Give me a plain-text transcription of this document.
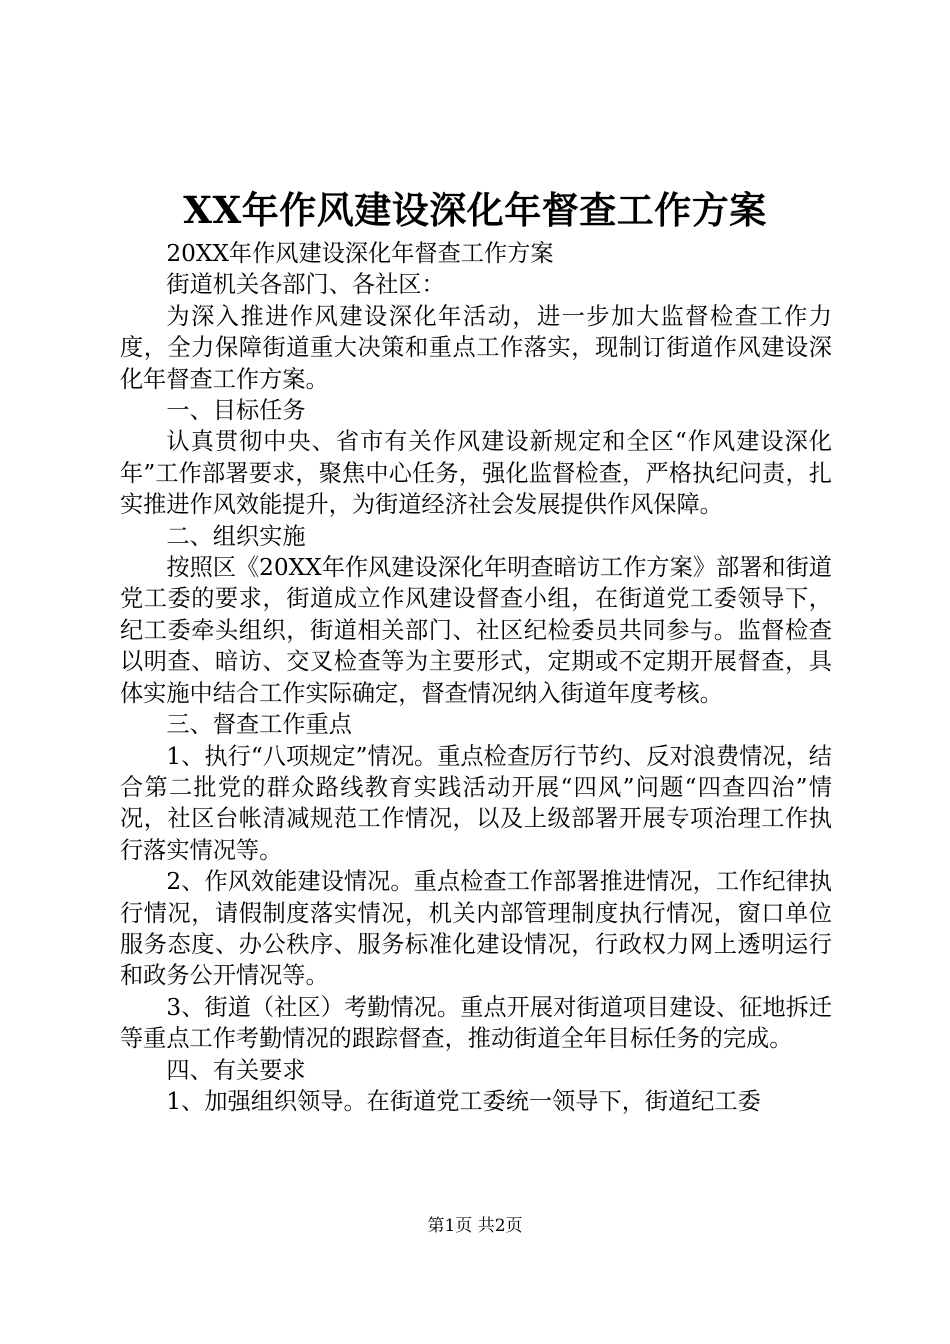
XX年作风建设深化年督查工作方案

20XX年作风建设深化年督查工作方案

街道机关各部门、各社区：

为深入推进作风建设深化年活动，进一步加大监督检查工作力度，全力保障街道重大决策和重点工作落实，现制订街道作风建设深化年督查工作方案。

一、目标任务

认真贯彻中央、省市有关作风建设新规定和全区“作风建设深化年”工作部署要求，聚焦中心任务，强化监督检查，严格执纪问责，扎实推进作风效能提升，为街道经济社会发展提供作风保障。

二、组织实施

按照区《20XX年作风建设深化年明查暗访工作方案》部署和街道党工委的要求，街道成立作风建设督查小组，在街道党工委领导下，纪工委牵头组织，街道相关部门、社区纪检委员共同参与。监督检查以明查、暗访、交叉检查等为主要形式，定期或不定期开展督查，具体实施中结合工作实际确定，督查情况纳入街道年度考核。

三、督查工作重点

1、执行“八项规定”情况。重点检查厉行节约、反对浪费情况，结合第二批党的群众路线教育实践活动开展“四风”问题“四查四治”情况，社区台帐清减规范工作情况，以及上级部署开展专项治理工作执行落实情况等。

2、作风效能建设情况。重点检查工作部署推进情况，工作纪律执行情况，请假制度落实情况，机关内部管理制度执行情况，窗口单位服务态度、办公秩序、服务标准化建设情况，行政权力网上透明运行和政务公开情况等。

3、街道（社区）考勤情况。重点开展对街道项目建设、征地拆迁等重点工作考勤情况的跟踪督查，推动街道全年目标任务的完成。

四、有关要求

1、加强组织领导。在街道党工委统一领导下，街道纪工委

第1页 共2页
